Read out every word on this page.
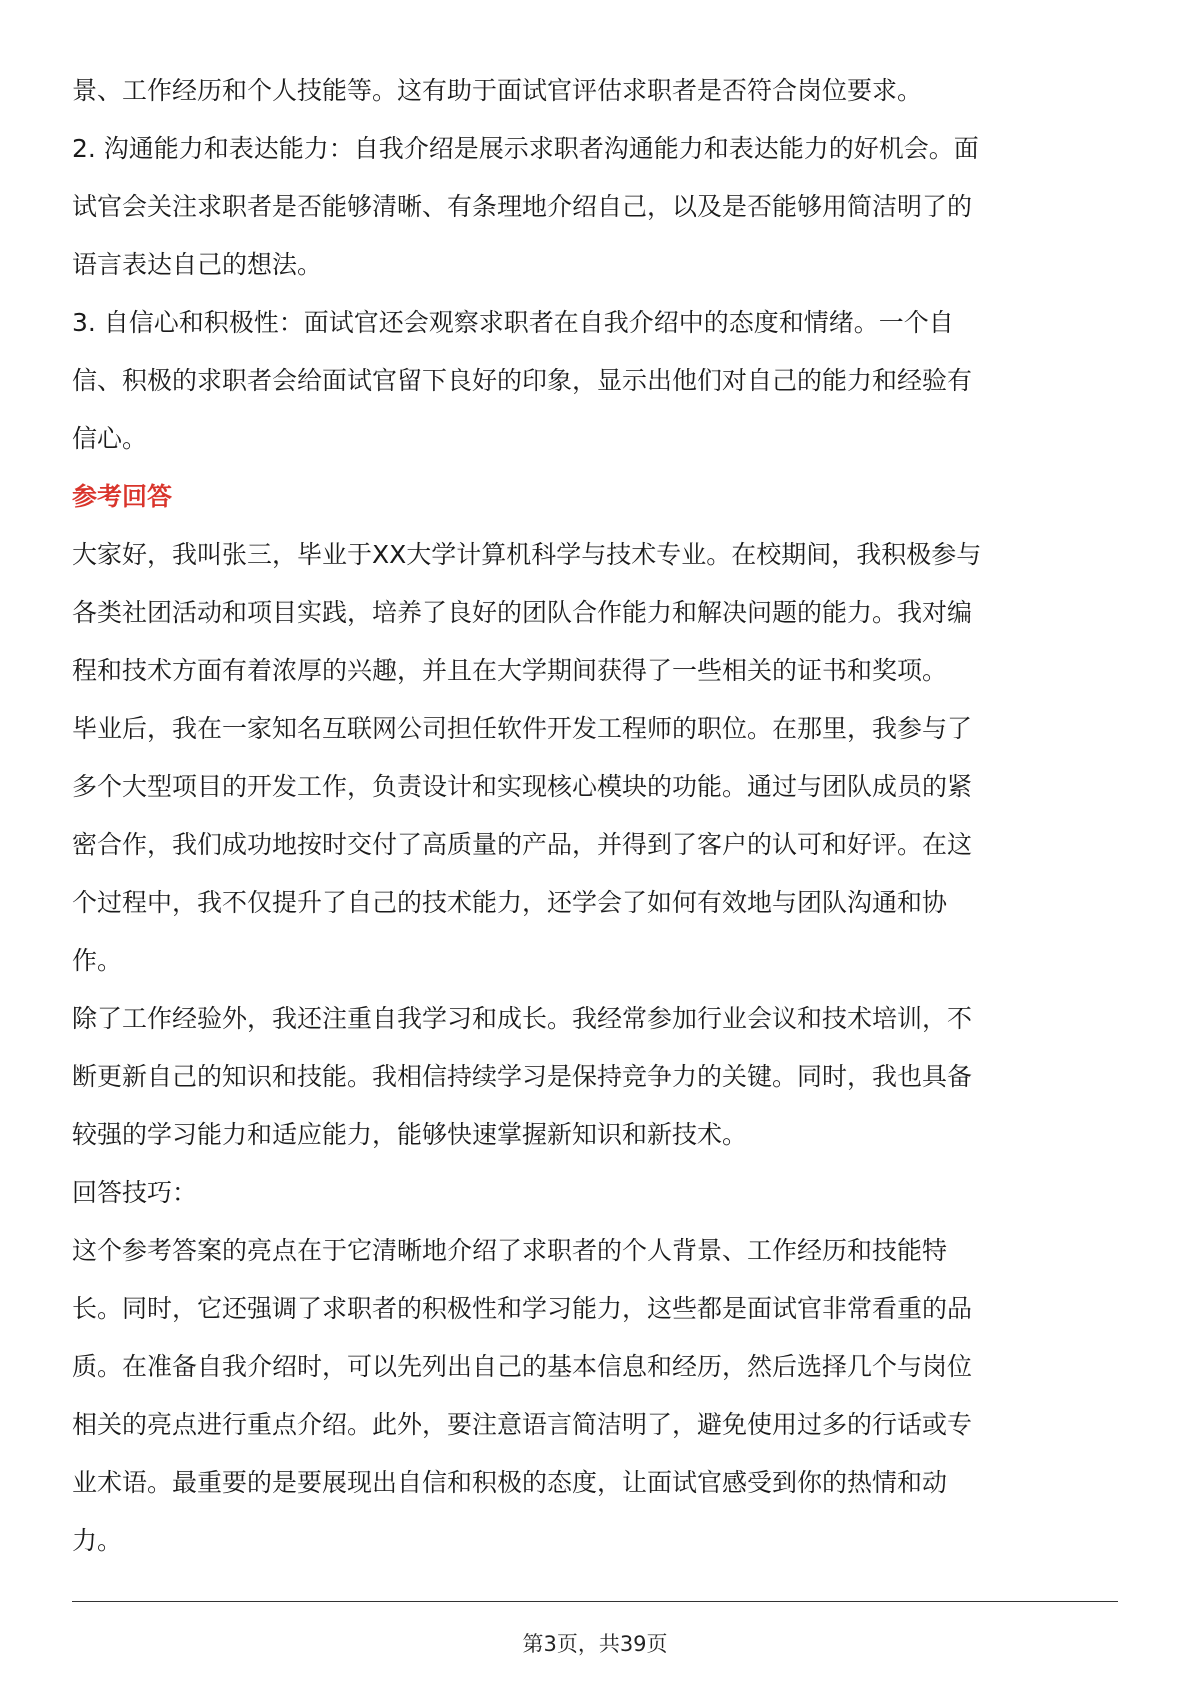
景、工作经历和个人技能等。这有助于面试官评估求职者是否符合岗位要求。
2. 沟通能力和表达能力：自我介绍是展示求职者沟通能力和表达能力的好机会。面
试官会关注求职者是否能够清晰、有条理地介绍自己，以及是否能够用简洁明了的
语言表达自己的想法。
3. 自信心和积极性：面试官还会观察求职者在自我介绍中的态度和情绪。一个自
信、积极的求职者会给面试官留下良好的印象，显示出他们对自己的能力和经验有
信心。
参考回答
大家好，我叫张三，毕业于XX大学计算机科学与技术专业。在校期间，我积极参与
各类社团活动和项目实践，培养了良好的团队合作能力和解决问题的能力。我对编
程和技术方面有着浓厚的兴趣，并且在大学期间获得了一些相关的证书和奖项。
毕业后，我在一家知名互联网公司担任软件开发工程师的职位。在那里，我参与了
多个大型项目的开发工作，负责设计和实现核心模块的功能。通过与团队成员的紧
密合作，我们成功地按时交付了高质量的产品，并得到了客户的认可和好评。在这
个过程中，我不仅提升了自己的技术能力，还学会了如何有效地与团队沟通和协
作。
除了工作经验外，我还注重自我学习和成长。我经常参加行业会议和技术培训，不
断更新自己的知识和技能。我相信持续学习是保持竞争力的关键。同时，我也具备
较强的学习能力和适应能力，能够快速掌握新知识和新技术。
回答技巧：
这个参考答案的亮点在于它清晰地介绍了求职者的个人背景、工作经历和技能特
长。同时，它还强调了求职者的积极性和学习能力，这些都是面试官非常看重的品
质。在准备自我介绍时，可以先列出自己的基本信息和经历，然后选择几个与岗位
相关的亮点进行重点介绍。此外，要注意语言简洁明了，避免使用过多的行话或专
业术语。最重要的是要展现出自信和积极的态度，让面试官感受到你的热情和动
力。
第3页，共39页
